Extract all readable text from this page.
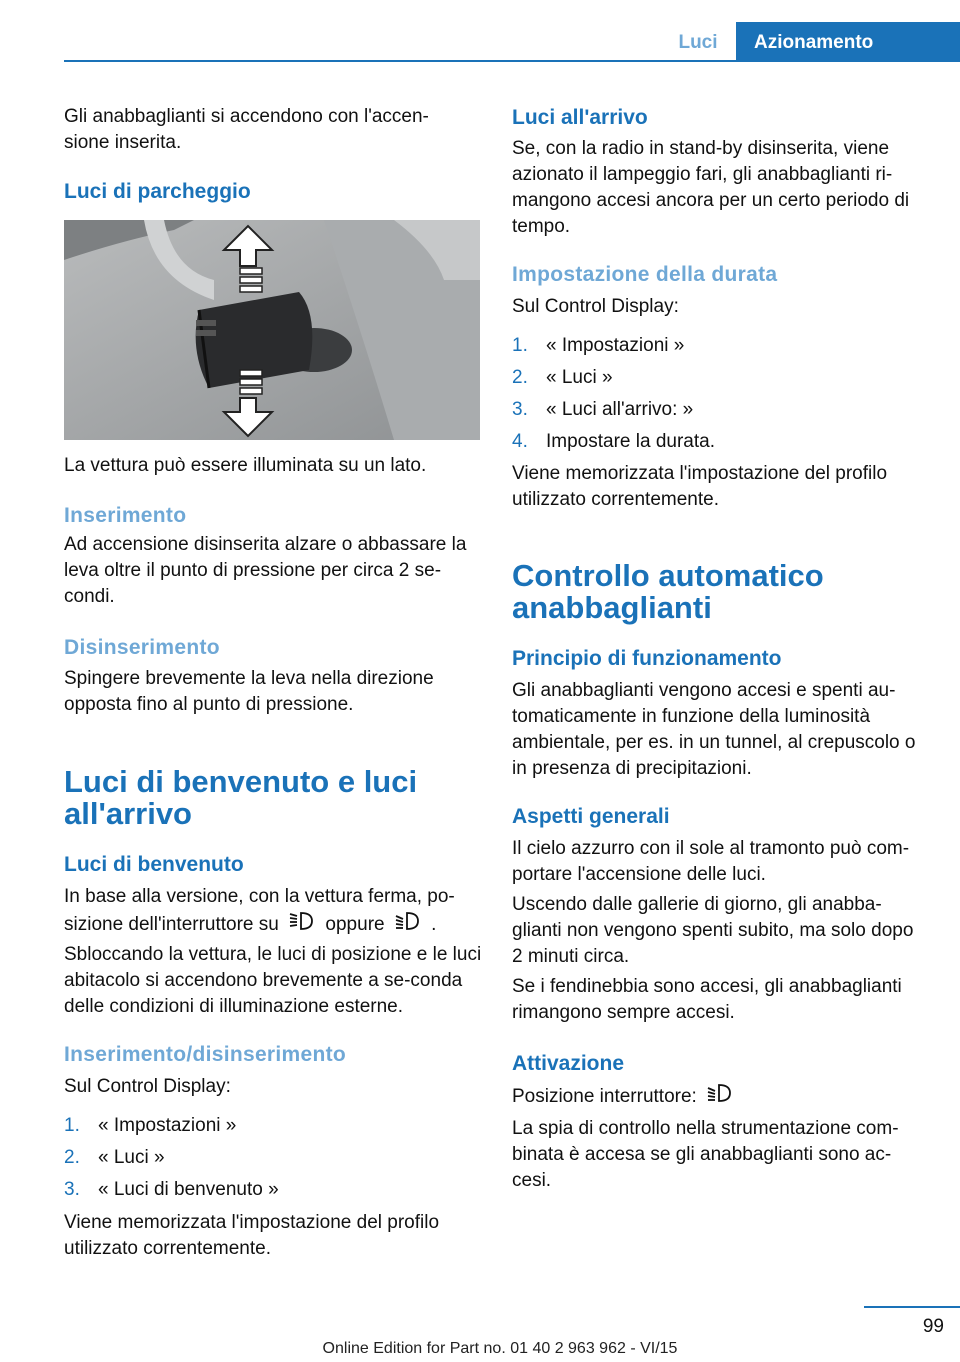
Luci	Azionamento
Gli anabbaglianti si accendono con l'accen-sione inserita.
Luci di parcheggio
La vettura può essere illuminata su un lato.
Inserimento
Ad accensione disinserita alzare o abbassare la leva oltre il punto di pressione per circa 2 se-condi.
Disinserimento
Spingere brevemente la leva nella direzione opposta fino al punto di pressione.
Luci di benvenuto e luci all'arrivo
Luci di benvenuto
In base alla versione, con la vettura ferma, po-sizione dell'interruttore su oppure .
Sbloccando la vettura, le luci di posizione e le luci abitacolo si accendono brevemente a se-conda delle condizioni di illuminazione esterne.
Inserimento/disinserimento
Sul Control Display:
1. « Impostazioni »
2. « Luci »
3. « Luci di benvenuto »
Viene memorizzata l'impostazione del profilo utilizzato correntemente.
Luci all'arrivo
Se, con la radio in stand-by disinserita, viene azionato il lampeggio fari, gli anabbaglianti ri-mangono accesi ancora per un certo periodo di tempo.
Impostazione della durata
Sul Control Display:
1. « Impostazioni »
2. « Luci »
3. « Luci all'arrivo: »
4. Impostare la durata.
Viene memorizzata l'impostazione del profilo utilizzato correntemente.
Controllo automatico anabbaglianti
Principio di funzionamento
Gli anabbaglianti vengono accesi e spenti au-tomaticamente in funzione della luminosità ambientale, per es. in un tunnel, al crepuscolo o in presenza di precipitazioni.
Aspetti generali
Il cielo azzurro con il sole al tramonto può com-portare l'accensione delle luci.
Uscendo dalle gallerie di giorno, gli anabba-glianti non vengono spenti subito, ma solo dopo 2 minuti circa.
Se i fendinebbia sono accesi, gli anabbaglianti rimangono sempre accesi.
Attivazione
Posizione interruttore:
La spia di controllo nella strumentazione com-binata è accesa se gli anabbaglianti sono ac-cesi.
99
Online Edition for Part no. 01 40 2 963 962 - VI/15
